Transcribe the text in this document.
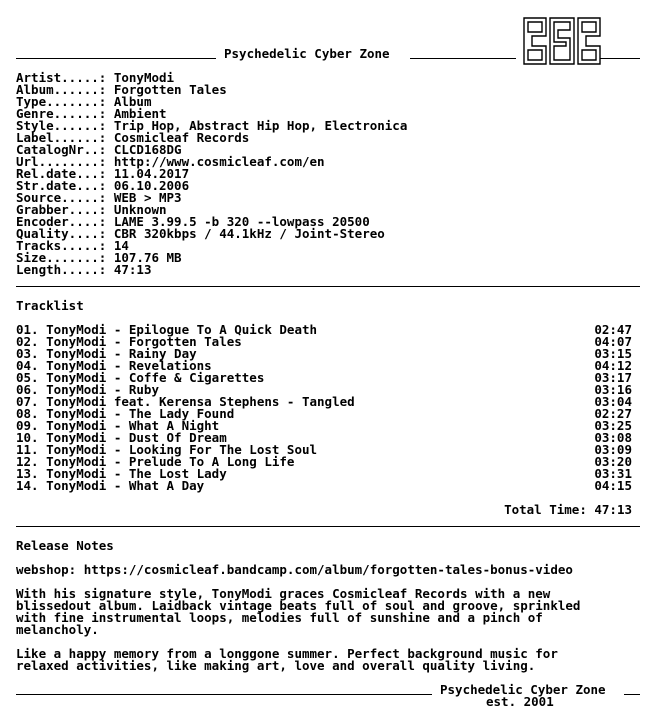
Psychedelic Cyber Zone
Artist.....: TonyModi
Album......: Forgotten Tales
Type.......: Album
Genre......: Ambient
Style......: Trip Hop, Abstract Hip Hop, Electronica
Label......: Cosmicleaf Records
CatalogNr..: CLCD168DG
Url........: http://www.cosmicleaf.com/en
Rel.date...: 11.04.2017
Str.date...: 06.10.2006
Source.....: WEB > MP3
Grabber....: Unknown
Encoder....: LAME 3.99.5 -b 320 --lowpass 20500
Quality....: CBR 320kbps / 44.1kHz / Joint-Stereo
Tracks.....: 14
Size.......: 107.76 MB
Length.....: 47:13
Tracklist
01. TonyModi - Epilogue To A Quick Death	02:47
02. TonyModi - Forgotten Tales	04:07
03. TonyModi - Rainy Day	03:15
04. TonyModi - Revelations	04:12
05. TonyModi - Coffe & Cigarettes	03:17
06. TonyModi - Ruby	03:16
07. TonyModi feat. Kerensa Stephens - Tangled	03:04
08. TonyModi - The Lady Found	02:27
09. TonyModi - What A Night	03:25
10. TonyModi - Dust Of Dream	03:08
11. TonyModi - Looking For The Lost Soul	03:09
12. TonyModi - Prelude To A Long Life	03:20
13. TonyModi - The Lost Lady	03:31
14. TonyModi - What A Day	04:15
Total Time: 47:13
Release Notes
webshop: https://cosmicleaf.bandcamp.com/album/forgotten-tales-bonus-video
With his signature style, TonyModi graces Cosmicleaf Records with a new
blissedout album. Laidback vintage beats full of soul and groove, sprinkled
with fine instrumental loops, melodies full of sunshine and a pinch of
melancholy.
Like a happy memory from a longgone summer. Perfect background music for
relaxed activities, like making art, love and overall quality living.
Psychedelic Cyber Zone
est. 2001
